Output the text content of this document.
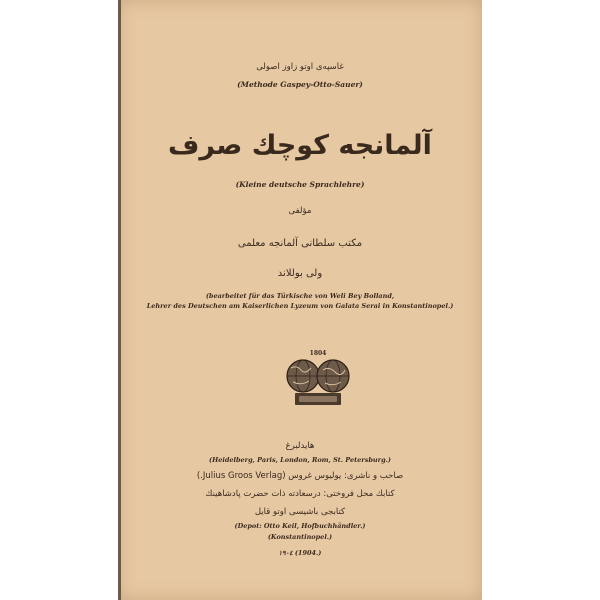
غاسپه‌ی اوتو زاوز اصولی
(Methode Gaspey-Otto-Sauer)
آلمانجه کوچك صرف
(Kleine deutsche Sprachlehre)
مؤلفی
مکتب سلطانی آلمانجه معلمی
ولی بوللاند
(bearbeitet für das Türkische von Weli Bey Bolland,
Lehrer des Deutschen am Kaiserlichen Lyzeum von Galata Serai in Konstantinopel.)
1804
هایدلبرغ
(Heidelberg, Paris, London, Rom, St. Petersburg.)
صاحب و ناشری: یولیوس غروس (Julius Groos Verlag.)
کتابك محل فروختی: درسعادته ذات حضرت پادشاهینك
کتابجی باشیسی اوتو قایل
(Depot: Otto Keil, Hofbuchhändler.)
(Konstantinopel.)
۱۹۰٤ (1904.)
